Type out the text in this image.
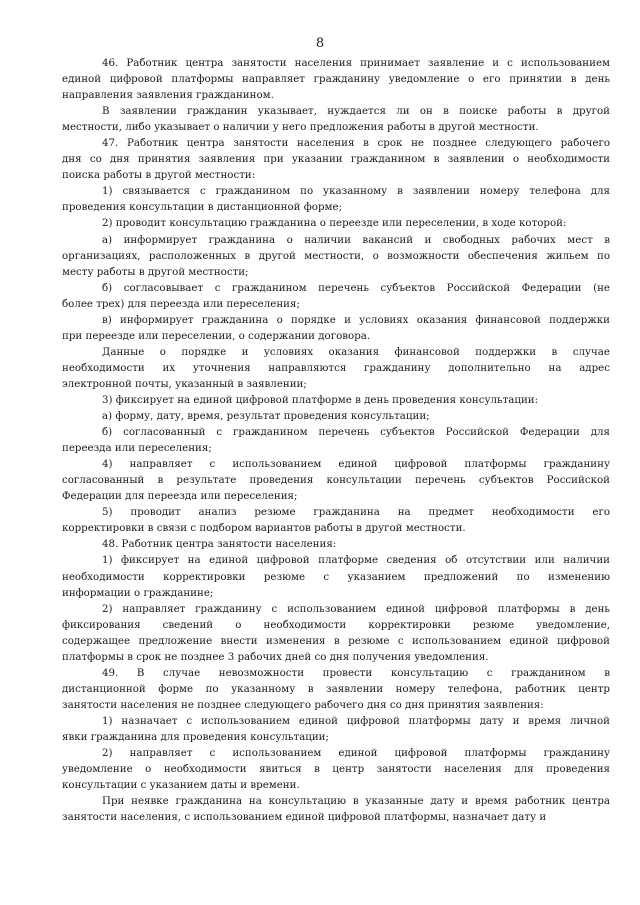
8

46. Работник центра занятости населения принимает заявление и с использованием
единой цифровой платформы направляет гражданину уведомление о его принятии в день
направления заявления гражданином.

В заявлении гражданин указывает, нуждается ли он в поиске работы в другой
местности, либо указывает о наличии у него предложения работы в другой местности.

47. Работник центра занятости населения в срок не позднее следующего рабочего
дня со дня принятия заявления при указании гражданином в заявлении о необходимости
поиска работы в другой местности:

1) связывается с гражданином по указанному в заявлении номеру телефона для
проведения консультации в дистанционной форме;

2) проводит консультацию гражданина о переезде или переселении, в ходе которой:

а) информирует гражданина о наличии вакансий и свободных рабочих мест в
организациях, расположенных в другой местности, о возможности обеспечения жильем по
месту работы в другой местности;

б) согласовывает с гражданином перечень субъектов Российской Федерации (не
более трех) для переезда или переселения;

в) информирует гражданина о порядке и условиях оказания финансовой поддержки
при переезде или переселении, о содержании договора.

Данные о порядке и условиях оказания финансовой поддержки в случае
необходимости их уточнения направляются гражданину дополнительно на адрес
электронной почты, указанный в заявлении;

3) фиксирует на единой цифровой платформе в день проведения консультации:

а) форму, дату, время, результат проведения консультации;

б) согласованный с гражданином перечень субъектов Российской Федерации для
переезда или переселения;

4) направляет с использованием единой цифровой платформы гражданину
согласованный в результате проведения консультации перечень субъектов Российской
Федерации для переезда или переселения;

5) проводит анализ резюме гражданина на предмет необходимости его
корректировки в связи с подбором вариантов работы в другой местности.

48. Работник центра занятости населения:

1) фиксирует на единой цифровой платформе сведения об отсутствии или наличии
необходимости корректировки резюме с указанием предложений по изменению
информации о гражданине;

2) направляет гражданину с использованием единой цифровой платформы в день
фиксирования сведений о необходимости корректировки резюме уведомление,
содержащее предложение внести изменения в резюме с использованием единой цифровой
платформы в срок не позднее 3 рабочих дней со дня получения уведомления.

49. В случае невозможности провести консультацию с гражданином в
дистанционной форме по указанному в заявлении номеру телефона, работник центр
занятости населения не позднее следующего рабочего дня со дня принятия заявления:

1) назначает с использованием единой цифровой платформы дату и время личной
явки гражданина для проведения консультации;

2) направляет с использованием единой цифровой платформы гражданину
уведомление о необходимости явиться в центр занятости населения для проведения
консультации с указанием даты и времени.

При неявке гражданина на консультацию в указанные дату и время работник центра
занятости населения, с использованием единой цифровой платформы, назначает дату и
